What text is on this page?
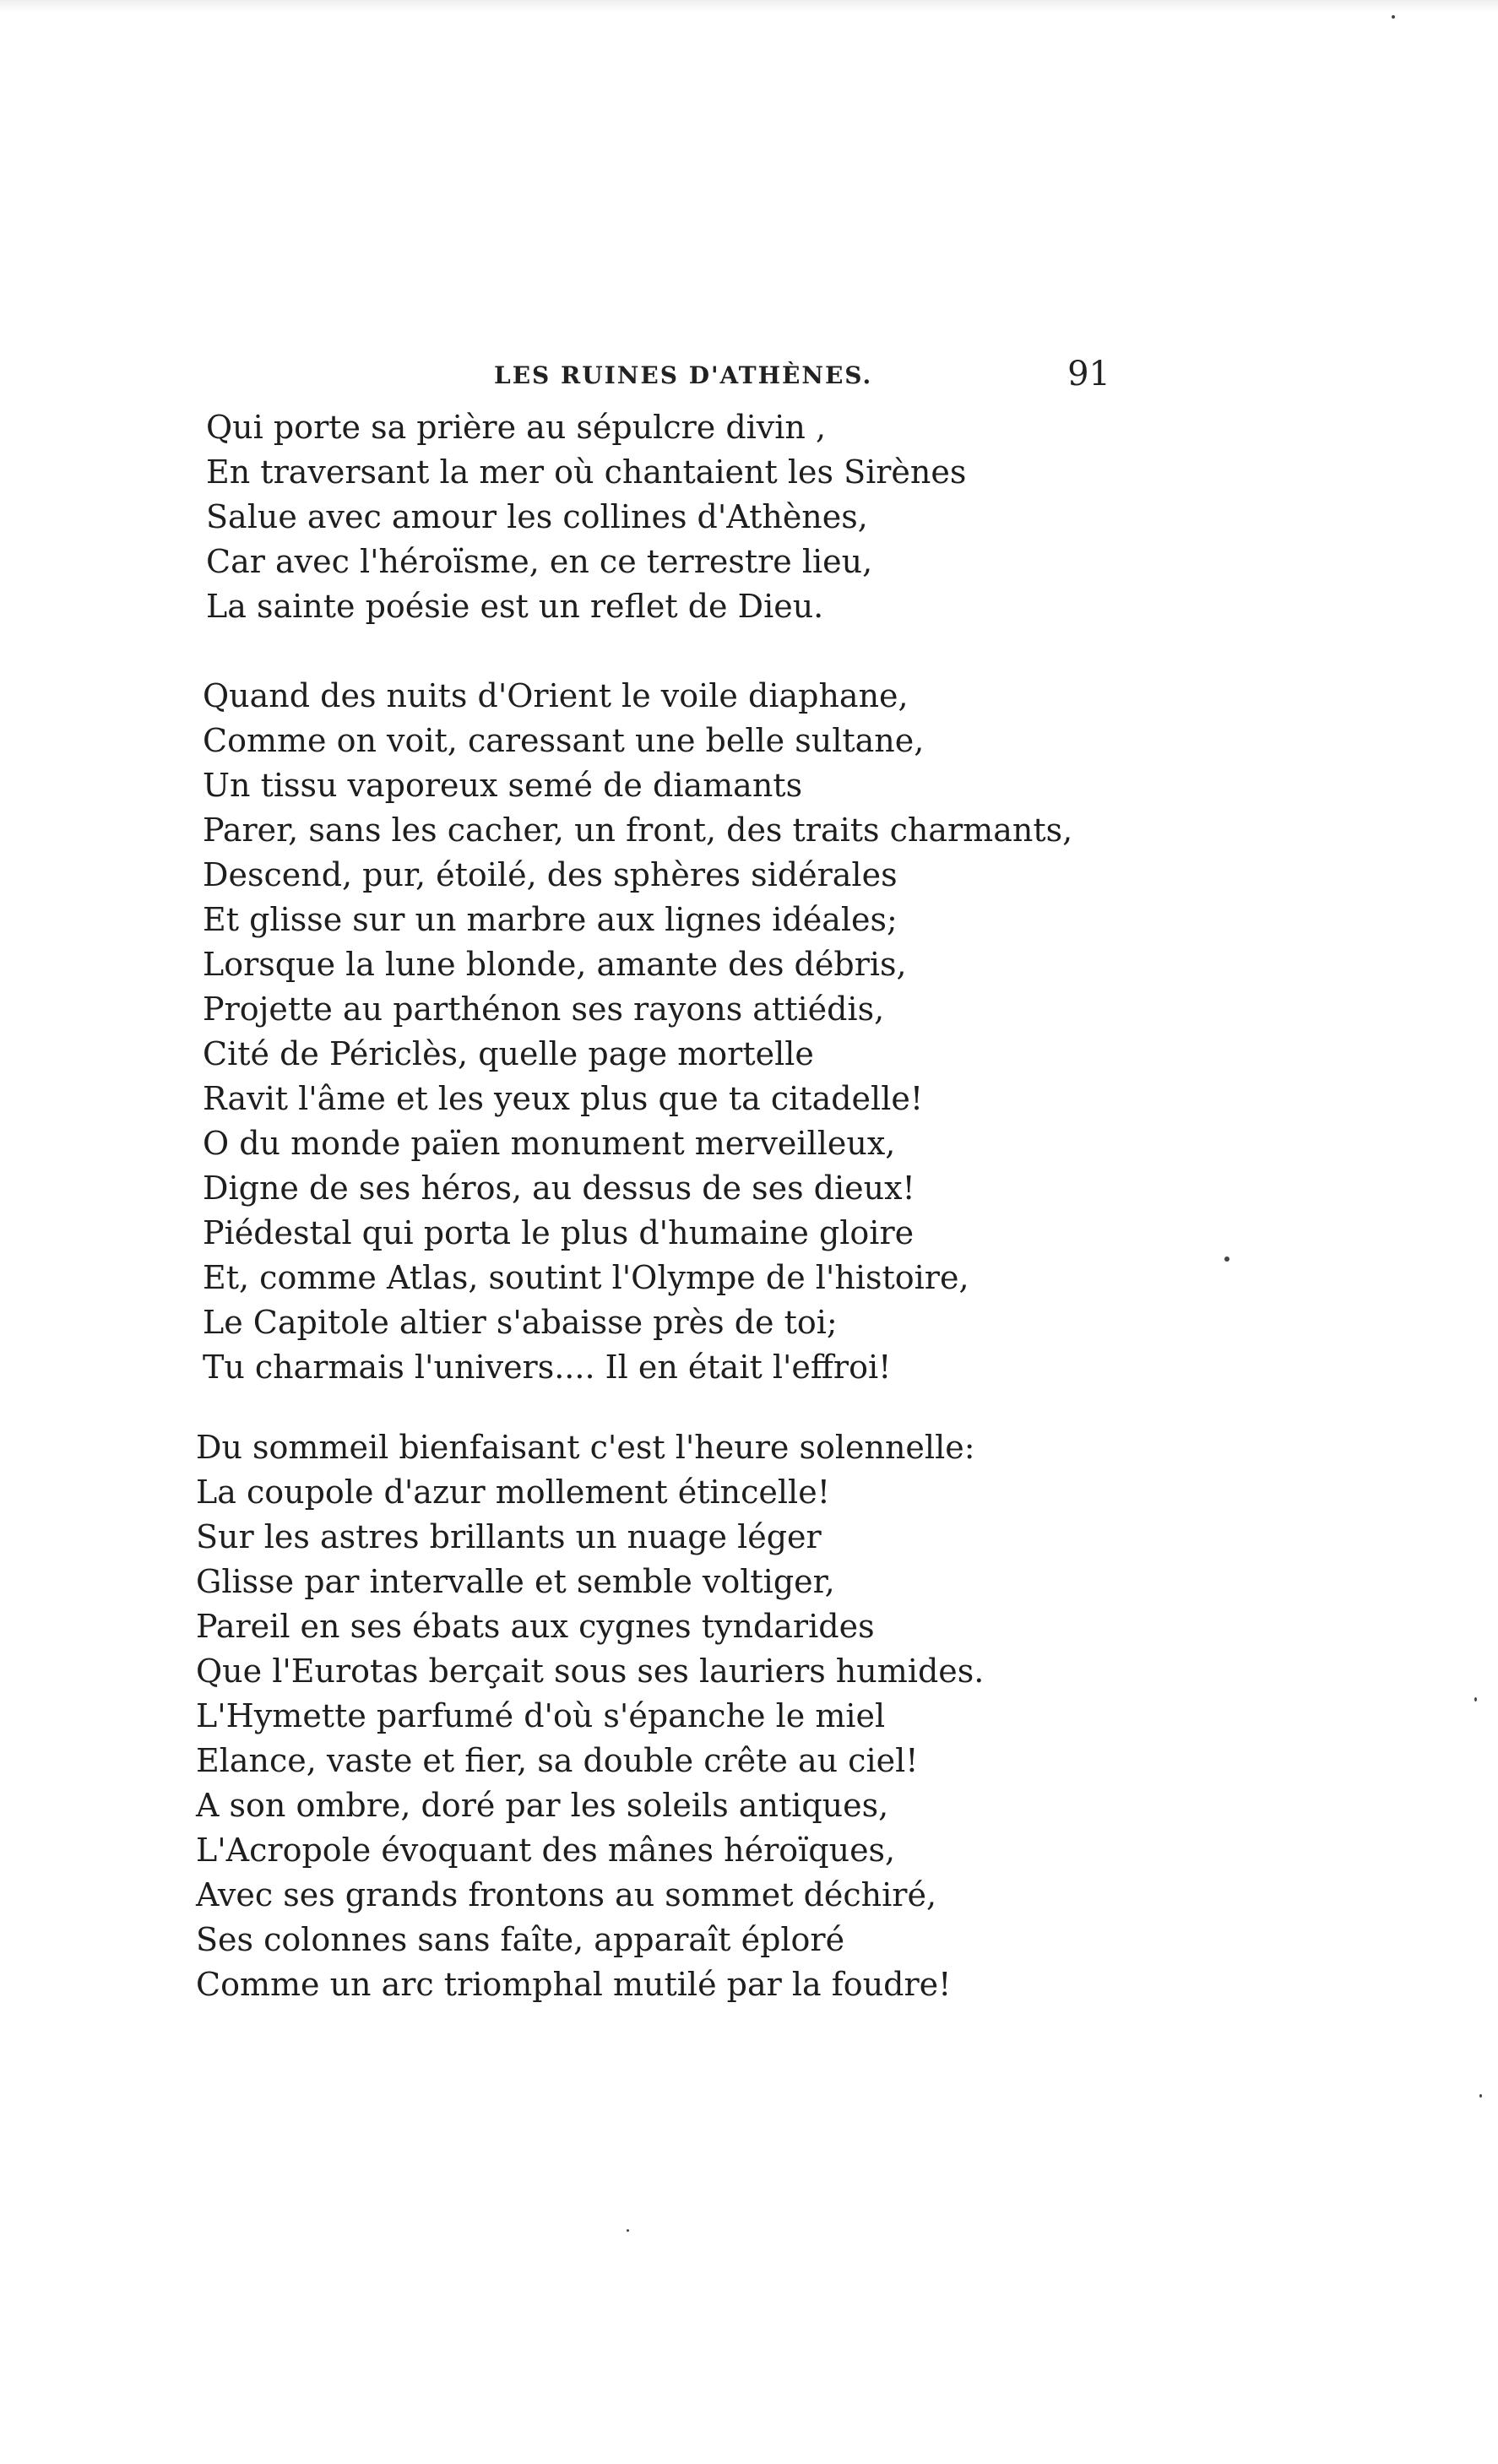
LES RUINES D'ATHÈNES.	91
Qui porte sa prière au sépulcre divin ,
En traversant la mer où chantaient les Sirènes
Salue avec amour les collines d'Athènes,
Car avec l'héroïsme, en ce terrestre lieu,
La sainte poésie est un reflet de Dieu.
Quand des nuits d'Orient le voile diaphane,
Comme on voit, caressant une belle sultane,
Un tissu vaporeux semé de diamants
Parer, sans les cacher, un front, des traits charmants,
Descend, pur, étoilé, des sphères sidérales
Et glisse sur un marbre aux lignes idéales;
Lorsque la lune blonde, amante des débris,
Projette au parthénon ses rayons attiédis,
Cité de Périclès, quelle page mortelle
Ravit l'âme et les yeux plus que ta citadelle!
O du monde païen monument merveilleux,
Digne de ses héros, au dessus de ses dieux!
Piédestal qui porta le plus d'humaine gloire
Et, comme Atlas, soutint l'Olympe de l'histoire,
Le Capitole altier s'abaisse près de toi;
Tu charmais l'univers.... Il en était l'effroi!
Du sommeil bienfaisant c'est l'heure solennelle:
La coupole d'azur mollement étincelle!
Sur les astres brillants un nuage léger
Glisse par intervalle et semble voltiger,
Pareil en ses ébats aux cygnes tyndarides
Que l'Eurotas berçait sous ses lauriers humides.
L'Hymette parfumé d'où s'épanche le miel
Elance, vaste et fier, sa double crête au ciel!
A son ombre, doré par les soleils antiques,
L'Acropole évoquant des mânes héroïques,
Avec ses grands frontons au sommet déchiré,
Ses colonnes sans faîte, apparaît éploré
Comme un arc triomphal mutilé par la foudre!
